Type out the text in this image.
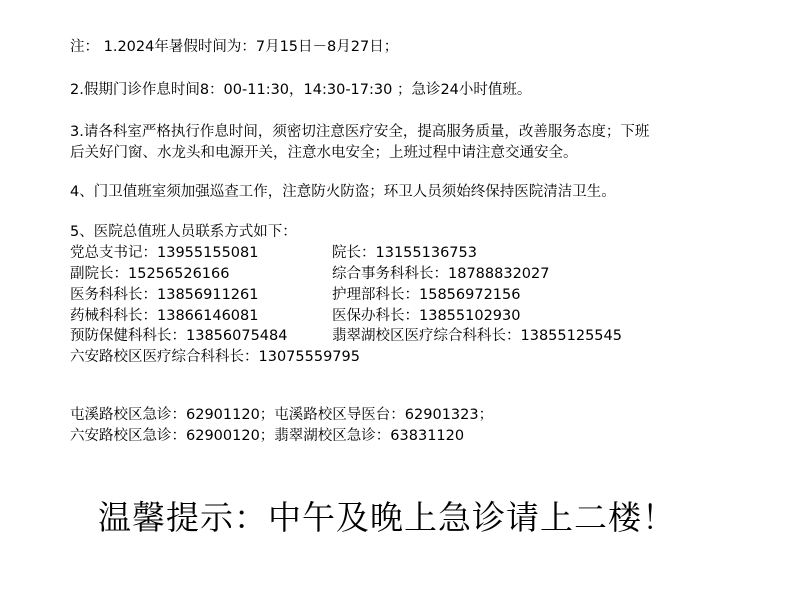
注： 1.2024年暑假时间为：7月15日－8月27日；
2.假期门诊作息时间8：00-11:30，14:30-17:30 ；急诊24小时值班。
3.请各科室严格执行作息时间，须密切注意医疗安全，提高服务质量，改善服务态度；下班
后关好门窗、水龙头和电源开关，注意水电安全；上班过程中请注意交通安全。
4、门卫值班室须加强巡查工作，注意防火防盗；环卫人员须始终保持医院清洁卫生。
5、医院总值班人员联系方式如下：
党总支书记：13955155081	院长：13155136753
副院长：15256526166	综合事务科科长：18788832027
医务科科长：13856911261	护理部科长：15856972156
药械科科长：13866146081	医保办科长：13855102930
预防保健科科长：13856075484	翡翠湖校区医疗综合科科长：13855125545
六安路校区医疗综合科科长：13075559795
屯溪路校区急诊：62901120；屯溪路校区导医台：62901323；
六安路校区急诊：62900120；翡翠湖校区急诊：63831120
温馨提示：中午及晚上急诊请上二楼！
